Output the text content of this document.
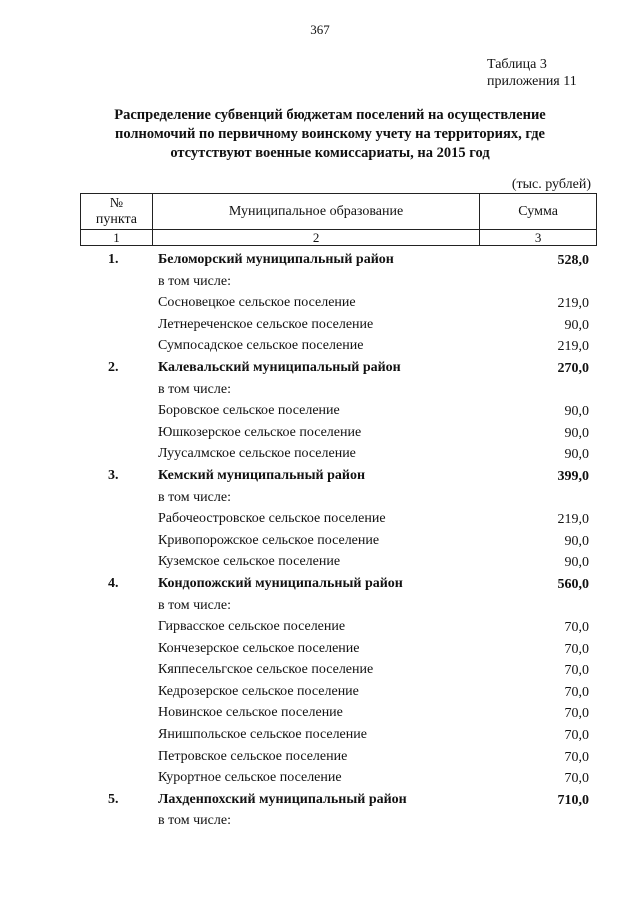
367
Таблица 3
приложения 11
Распределение субвенций бюджетам поселений на осуществление полномочий по первичному воинскому учету на территориях, где отсутствуют военные комиссариаты, на 2015 год
(тыс. рублей)
№
пункта	Муниципальное образование	Сумма
1	2	3
1.	Беломорский муниципальный район	528,0
в том числе:
Сосновецкое сельское поселение	219,0
Летнереченское сельское поселение	90,0
Сумпосадское сельское поселение	219,0
2.	Калевальский муниципальный район	270,0
в том числе:
Боровское сельское поселение	90,0
Юшкозерское сельское поселение	90,0
Луусалмское сельское поселение	90,0
3.	Кемский муниципальный район	399,0
в том числе:
Рабочеостровское сельское поселение	219,0
Кривопорожское сельское поселение	90,0
Куземское сельское поселение	90,0
4.	Кондопожский муниципальный район	560,0
в том числе:
Гирвасское сельское поселение	70,0
Кончезерское сельское поселение	70,0
Кяппесельгское сельское поселение	70,0
Кедрозерское сельское поселение	70,0
Новинское сельское поселение	70,0
Янишпольское сельское поселение	70,0
Петровское сельское поселение	70,0
Курортное сельское поселение	70,0
5.	Лахденпохский муниципальный район	710,0
в том числе:
